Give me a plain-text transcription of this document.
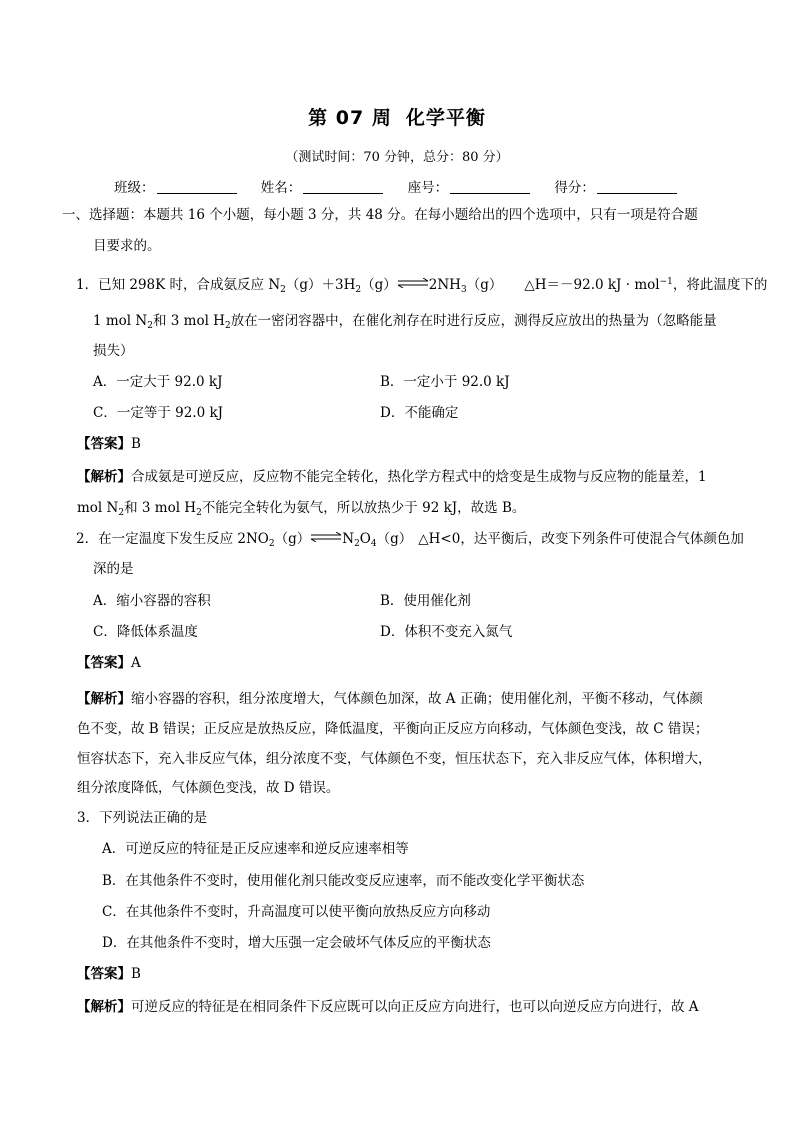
第 07 周 化学平衡
（测试时间：70 分钟，总分：80 分）
班级：	姓名：	座号：	得分：
一、选择题：本题共 16 个小题，每小题 3 分，共 48 分。在每小题给出的四个选项中，只有一项是符合题
目要求的。
1．已知 298K 时，合成氨反应 $N_2(g)+3H_2(g)\rightleftharpoons 2NH_3(g)$ △H＝－92.0 kJ · mol$^{-1}$，将此温度下的
1 mol $N_2$和 3 mol $H_2$放在一密闭容器中，在催化剂存在时进行反应，测得反应放出的热量为（忽略能量
损失）
A．一定大于 92.0 kJ	B．一定小于 92.0 kJ
C．一定等于 92.0 kJ	D．不能确定
【答案】B
【解析】合成氨是可逆反应，反应物不能完全转化，热化学方程式中的焓变是生成物与反应物的能量差，1
mol $N_2$和 3 mol $H_2$不能完全转化为氨气，所以放热少于 92 kJ，故选 B。
2．在一定温度下发生反应 $2NO_2(g)\rightleftharpoons N_2O_4(g)$ △H<0，达平衡后，改变下列条件可使混合气体颜色加
深的是
A．缩小容器的容积	B．使用催化剂
C．降低体系温度	D．体积不变充入氮气
【答案】A
【解析】缩小容器的容积，组分浓度增大，气体颜色加深，故 A 正确；使用催化剂，平衡不移动，气体颜
色不变，故 B 错误；正反应是放热反应，降低温度，平衡向正反应方向移动，气体颜色变浅，故 C 错误；
恒容状态下，充入非反应气体，组分浓度不变，气体颜色不变，恒压状态下，充入非反应气体，体积增大，
组分浓度降低，气体颜色变浅，故 D 错误。
3．下列说法正确的是
A．可逆反应的特征是正反应速率和逆反应速率相等
B．在其他条件不变时，使用催化剂只能改变反应速率，而不能改变化学平衡状态
C．在其他条件不变时，升高温度可以使平衡向放热反应方向移动
D．在其他条件不变时，增大压强一定会破坏气体反应的平衡状态
【答案】B
【解析】可逆反应的特征是在相同条件下反应既可以向正反应方向进行，也可以向逆反应方向进行，故 A
